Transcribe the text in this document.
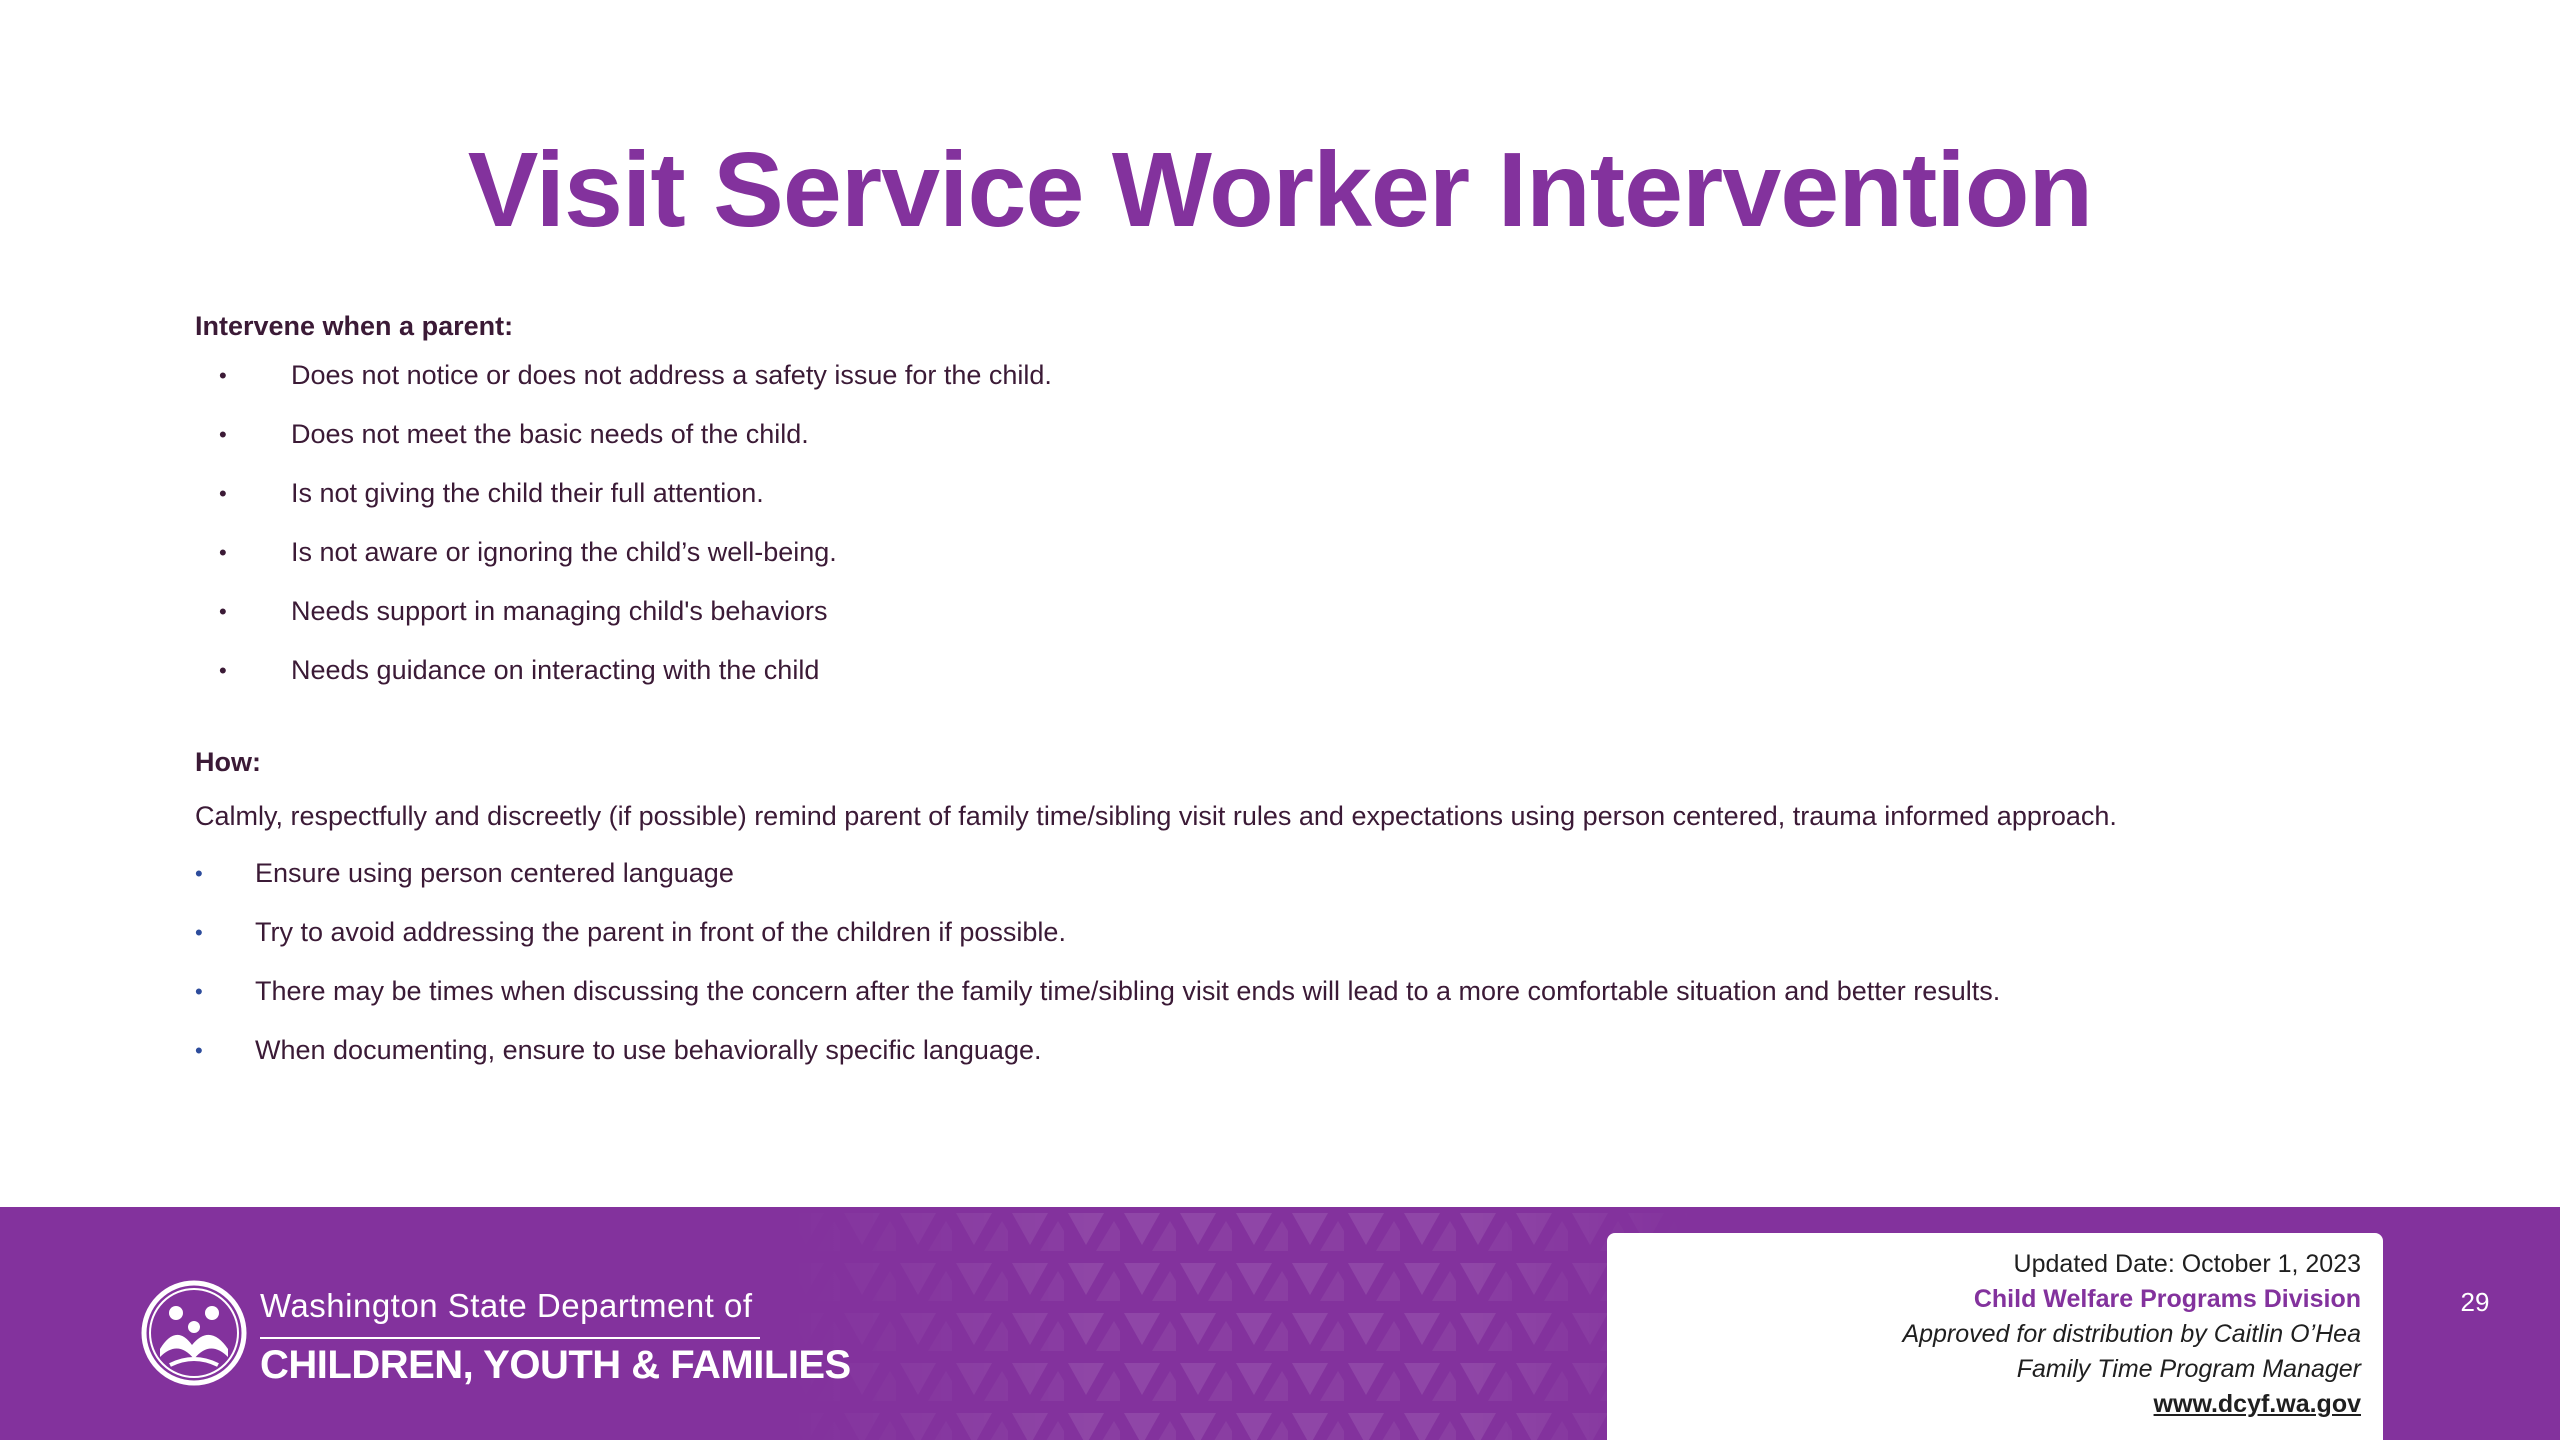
Visit Service Worker Intervention

Intervene when a parent:

• Does not notice or does not address a safety issue for the child.
• Does not meet the basic needs of the child.
• Is not giving the child their full attention.
• Is not aware or ignoring the child’s well-being.
• Needs support in managing child's behaviors
• Needs guidance on interacting with the child

How:

Calmly, respectfully and discreetly (if possible) remind parent of family time/sibling visit rules and expectations using person centered, trauma informed approach.

• Ensure using person centered language
• Try to avoid addressing the parent in front of the children if possible.
• There may be times when discussing the concern after the family time/sibling visit ends will lead to a more comfortable situation and better results.
• When documenting, ensure to use behaviorally specific language.
Washington State Department of
CHILDREN, YOUTH & FAMILIES
Updated Date: October 1, 2023
Child Welfare Programs Division
Approved for distribution by Caitlin O’Hea
Family Time Program Manager
www.dcyf.wa.gov
29
